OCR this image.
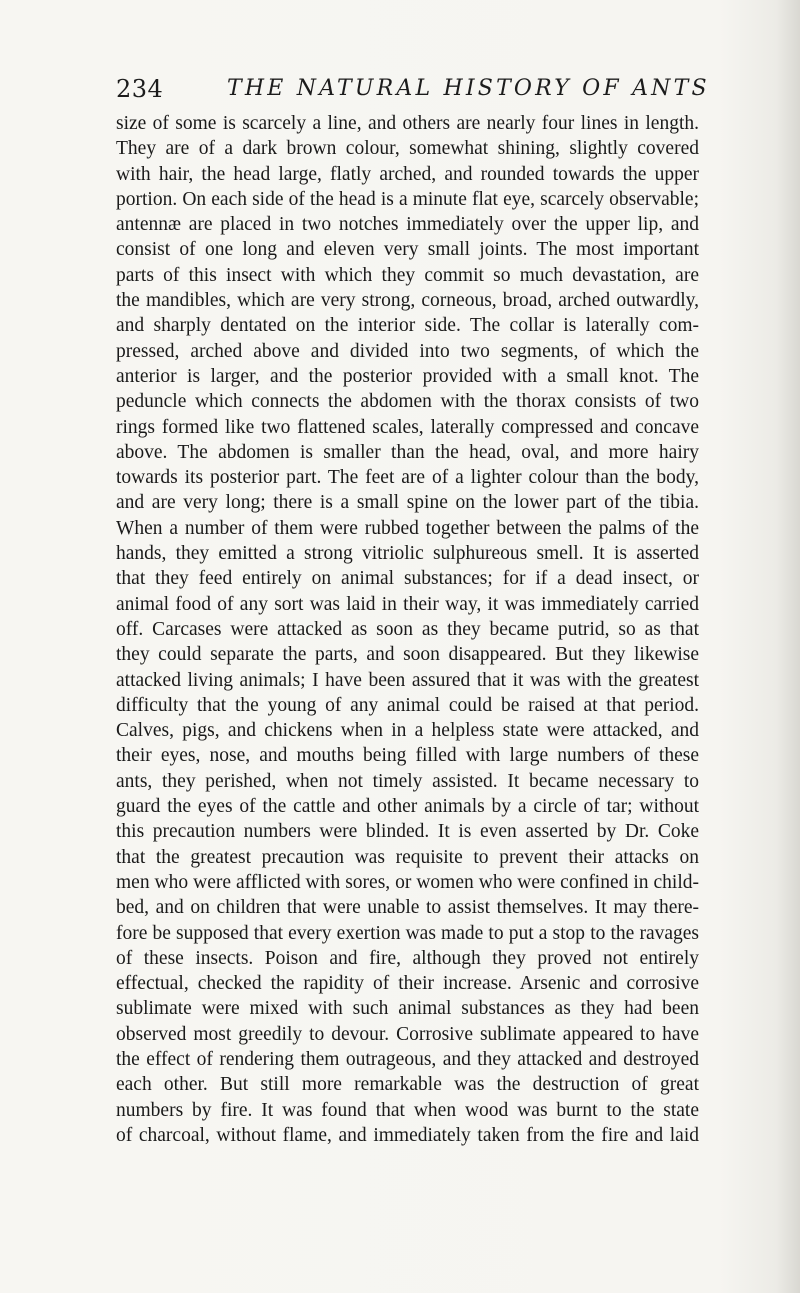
234	THE NATURAL HISTORY OF ANTS
size of some is scarcely a line, and others are nearly four lines in length.
They are of a dark brown colour, somewhat shining, slightly covered
with hair, the head large, flatly arched, and rounded towards the upper
portion. On each side of the head is a minute flat eye, scarcely observable;
antennæ are placed in two notches immediately over the upper lip, and
consist of one long and eleven very small joints. The most important
parts of this insect with which they commit so much devastation, are
the mandibles, which are very strong, corneous, broad, arched outwardly,
and sharply dentated on the interior side. The collar is laterally com-
pressed, arched above and divided into two segments, of which the
anterior is larger, and the posterior provided with a small knot. The
peduncle which connects the abdomen with the thorax consists of two
rings formed like two flattened scales, laterally compressed and concave
above. The abdomen is smaller than the head, oval, and more hairy
towards its posterior part. The feet are of a lighter colour than the body,
and are very long; there is a small spine on the lower part of the tibia.
When a number of them were rubbed together between the palms of the
hands, they emitted a strong vitriolic sulphureous smell. It is asserted
that they feed entirely on animal substances; for if a dead insect, or
animal food of any sort was laid in their way, it was immediately carried
off. Carcases were attacked as soon as they became putrid, so as that
they could separate the parts, and soon disappeared. But they likewise
attacked living animals; I have been assured that it was with the greatest
difficulty that the young of any animal could be raised at that period.
Calves, pigs, and chickens when in a helpless state were attacked, and
their eyes, nose, and mouths being filled with large numbers of these
ants, they perished, when not timely assisted. It became necessary to
guard the eyes of the cattle and other animals by a circle of tar; without
this precaution numbers were blinded. It is even asserted by Dr. Coke
that the greatest precaution was requisite to prevent their attacks on
men who were afflicted with sores, or women who were confined in child-
bed, and on children that were unable to assist themselves. It may there-
fore be supposed that every exertion was made to put a stop to the ravages
of these insects. Poison and fire, although they proved not entirely
effectual, checked the rapidity of their increase. Arsenic and corrosive
sublimate were mixed with such animal substances as they had been
observed most greedily to devour. Corrosive sublimate appeared to have
the effect of rendering them outrageous, and they attacked and destroyed
each other. But still more remarkable was the destruction of great
numbers by fire. It was found that when wood was burnt to the state
of charcoal, without flame, and immediately taken from the fire and laid
